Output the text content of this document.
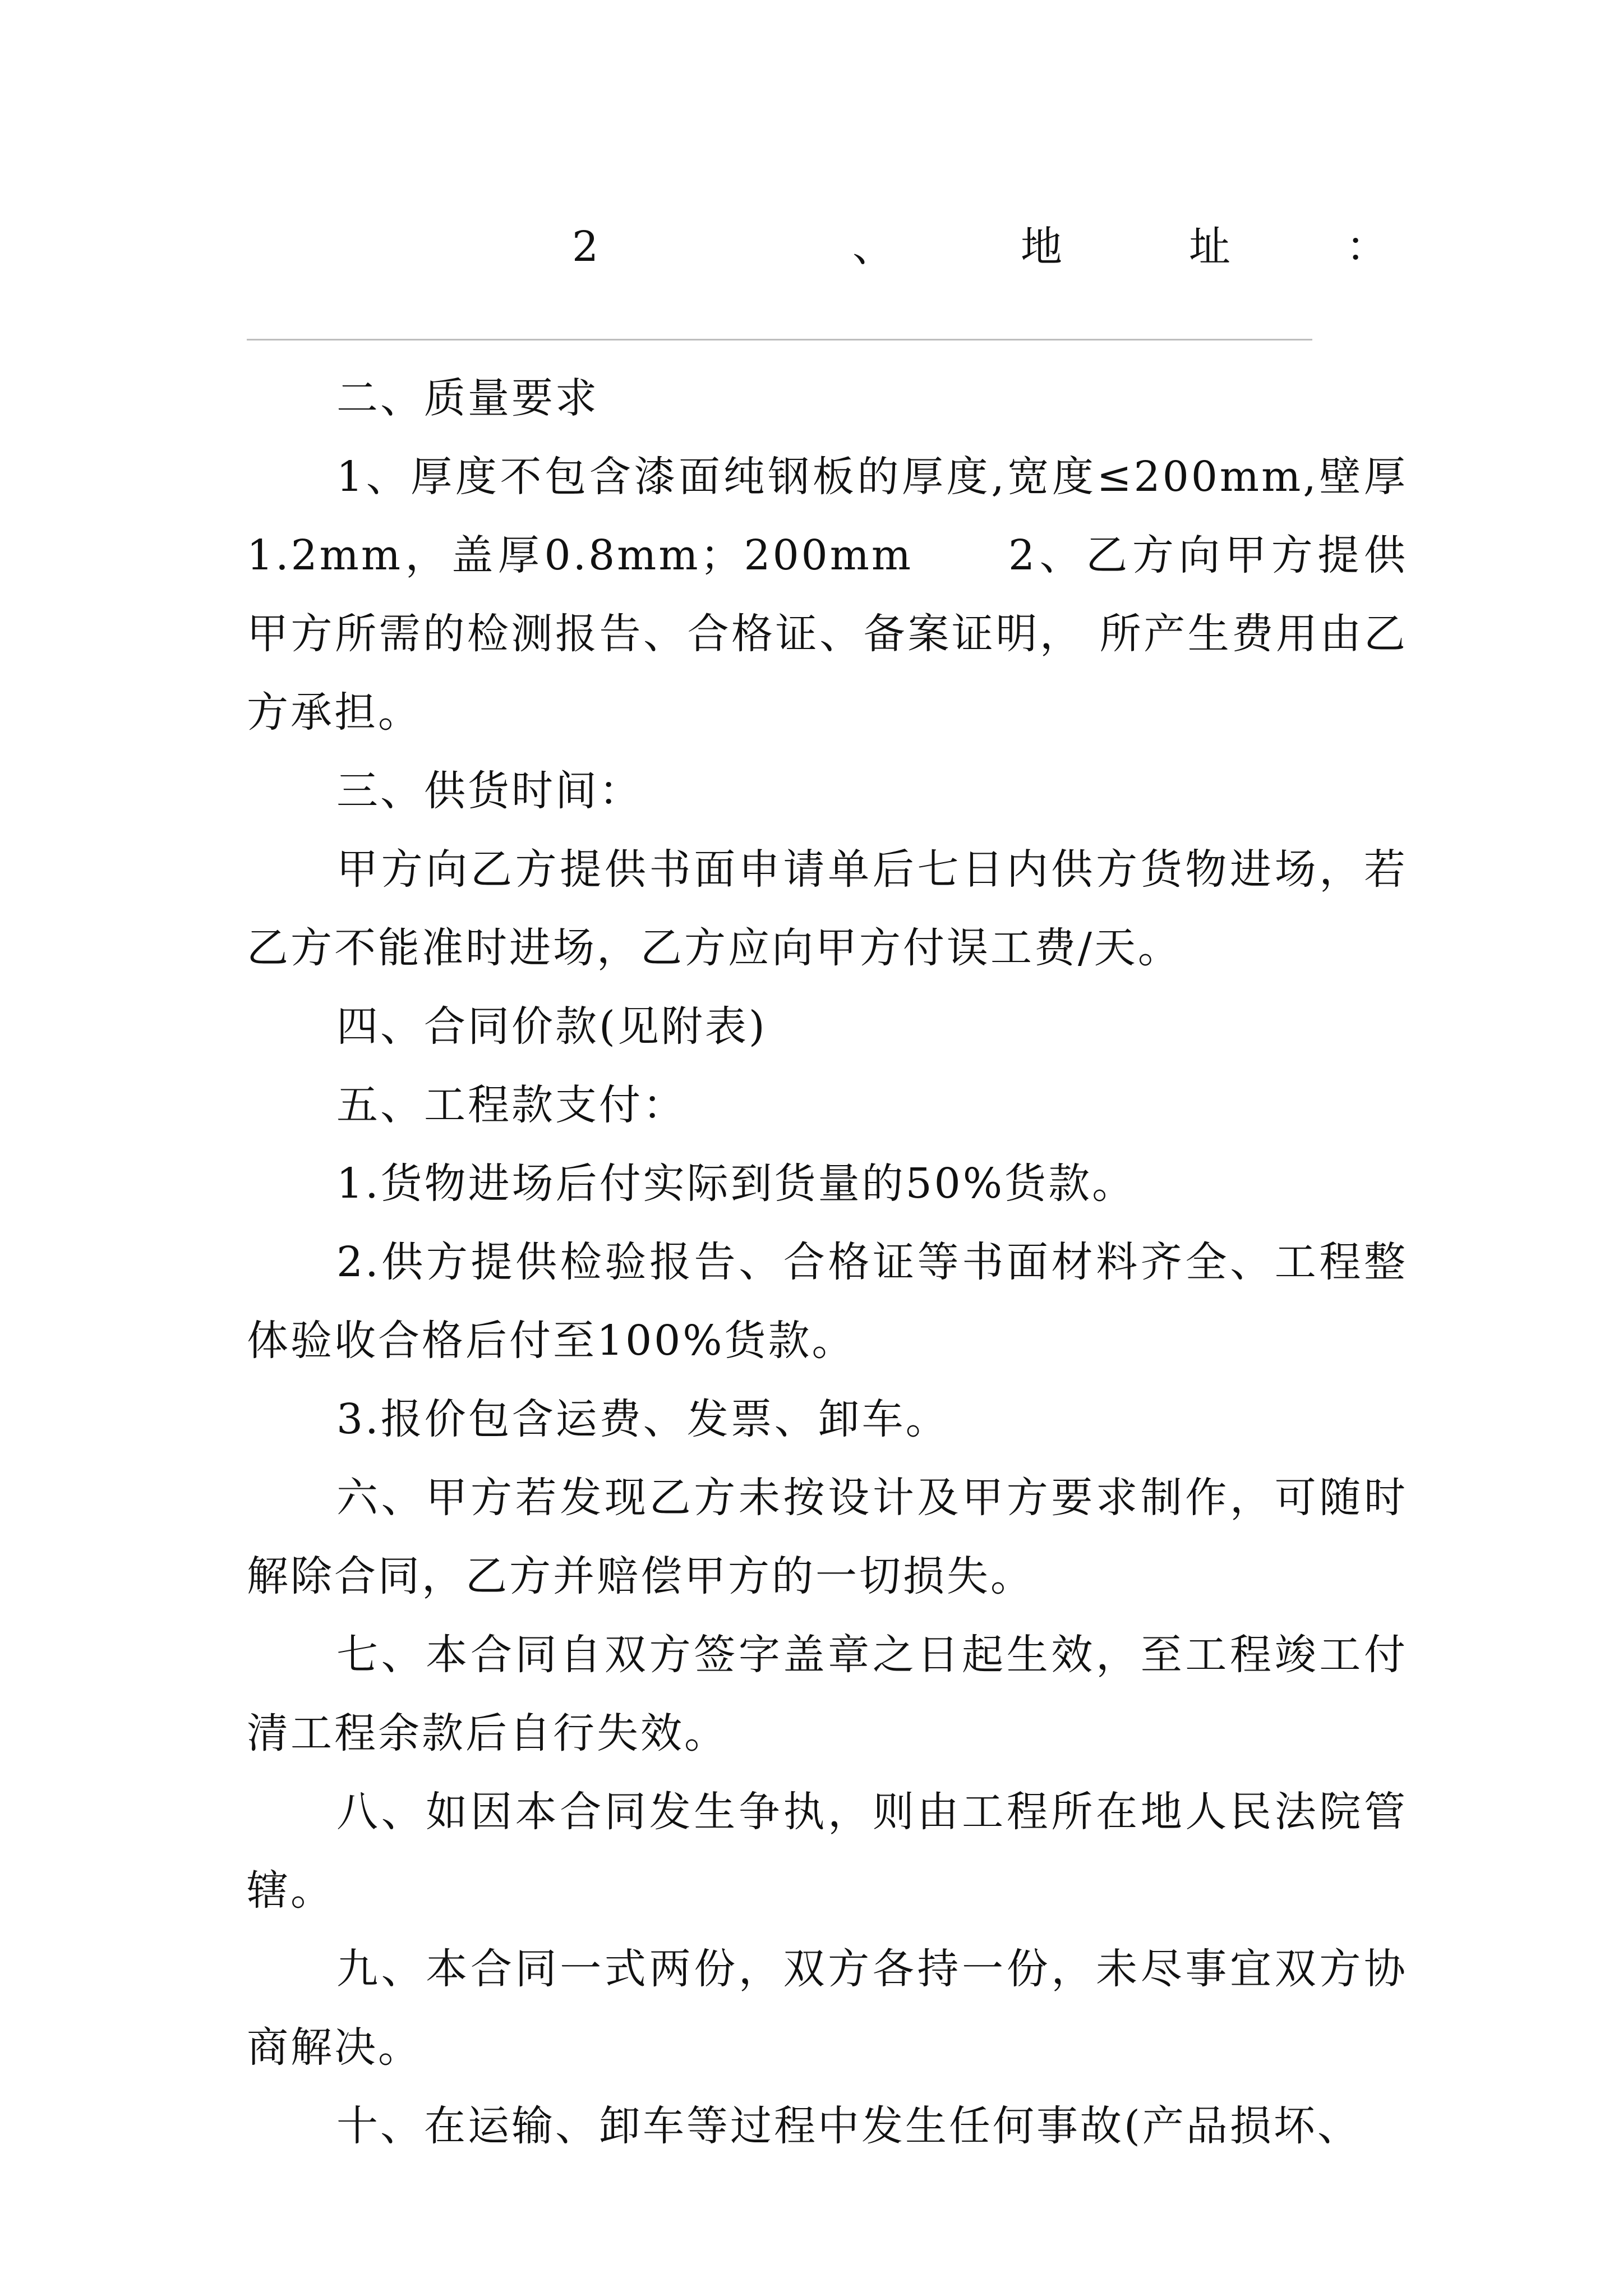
2	、	地	址	：

二、质量要求

1、厚度不包含漆面纯钢板的厚度,宽度≤200mm,壁厚1.2mm，盖厚0.8mm；200mm　　2、乙方向甲方提供甲方所需的检测报告、合格证、备案证明， 所产生费用由乙方承担。

三、供货时间：

甲方向乙方提供书面申请单后七日内供方货物进场，若乙方不能准时进场，乙方应向甲方付误工费/天。

四、合同价款(见附表)

五、工程款支付：

1.货物进场后付实际到货量的50%货款。

2.供方提供检验报告、合格证等书面材料齐全、工程整体验收合格后付至100%货款。

3.报价包含运费、发票、卸车。

六、甲方若发现乙方未按设计及甲方要求制作，可随时解除合同，乙方并赔偿甲方的一切损失。

七、本合同自双方签字盖章之日起生效，至工程竣工付清工程余款后自行失效。

八、如因本合同发生争执，则由工程所在地人民法院管辖。

九、本合同一式两份，双方各持一份，未尽事宜双方协商解决。

十、在运输、卸车等过程中发生任何事故(产品损坏、
